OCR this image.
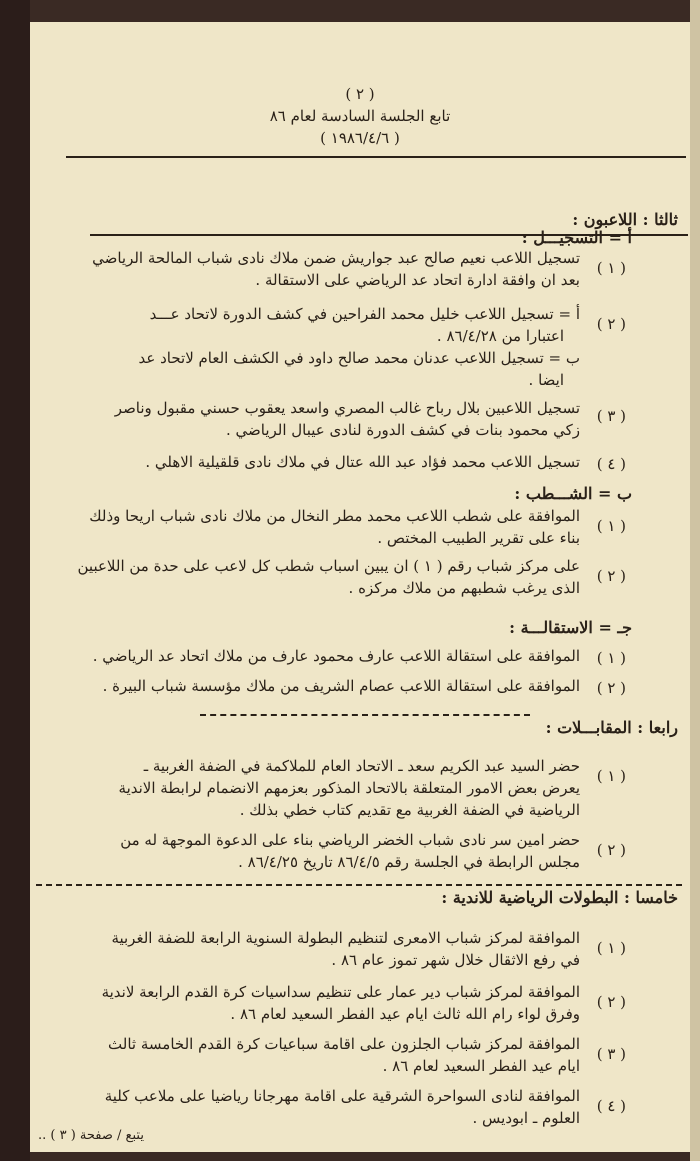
( ٢ )
تابع الجلسة السادسة لعام ٨٦
( ١٩٨٦/٤/٦ )
ثالثا : اللاعبون :
أ = التسجيـــل :
( ١ )
تسجيل اللاعب نعيم صالح عبد جواريش ضمن ملاك نادى شباب المالحة الرياضي
بعد ان وافقة ادارة اتحاد عد الرياضي على الاستقالة .
( ٢ )
أ = تسجيل اللاعب خليل محمد الفراحين في كشف الدورة لاتحاد عـــد
اعتبارا من ٨٦/٤/٢٨ .
ب = تسجيل اللاعب عدنان محمد صالح داود في الكشف العام لاتحاد عد
ايضا .
( ٣ )
تسجيل اللاعبين بلال رباح غالب المصري واسعد يعقوب حسني مقبول وناصر
زكي محمود بنات في كشف الدورة لنادى عيبال الرياضي .
( ٤ )
تسجيل اللاعب محمد فؤاد عبد الله عتال في ملاك نادى قلقيلية الاهلي .
ب = الشـــطب :
( ١ )
الموافقة على شطب اللاعب محمد مطر النخال من ملاك نادى شباب اريحا وذلك
بناء على تقرير الطبيب المختص .
( ٢ )
على مركز شباب رقم ( ١ ) ان يبين اسباب شطب كل لاعب على حدة من اللاعبين
الذى يرغب شطبهم من ملاك مركزه .
جـ = الاستقالـــة :
( ١ )
الموافقة على استقالة اللاعب عارف محمود عارف من ملاك اتحاد عد الرياضي .
( ٢ )
الموافقة على استقالة اللاعب عصام الشريف من ملاك مؤسسة شباب البيرة .
رابعا : المقابـــلات :
( ١ )
حضر السيد عبد الكريم سعد ـ الاتحاد العام للملاكمة في الضفة الغربية ـ
يعرض بعض الامور المتعلقة بالاتحاد المذكور بعزمهم الانضمام لرابطة الاندية
الرياضية في الضفة الغربية مع تقديم كتاب خطي بذلك .
( ٢ )
حضر امين سر نادى شباب الخضر الرياضي بناء على الدعوة الموجهة له من
مجلس الرابطة في الجلسة رقم ٨٦/٤/٥ تاريخ ٨٦/٤/٢٥ .
خامسا : البطولات الرياضية للاندية :
( ١ )
الموافقة لمركز شباب الامعرى لتنظيم البطولة السنوية الرابعة للضفة الغربية
في رفع الاثقال خلال شهر تموز عام ٨٦ .
( ٢ )
الموافقة لمركز شباب دير عمار على تنظيم سداسيات كرة القدم الرابعة لاندية
وفرق لواء رام الله ثالث ايام عيد الفطر السعيد لعام ٨٦ .
( ٣ )
الموافقة لمركز شباب الجلزون على اقامة سباعيات كرة القدم الخامسة ثالث
ايام عيد الفطر السعيد لعام ٨٦ .
( ٤ )
الموافقة لنادى السواحرة الشرقية على اقامة مهرجانا رياضيا على ملاعب كلية
العلوم ـ ابوديس .
يتبع / صفحة ( ٣ ) ..
